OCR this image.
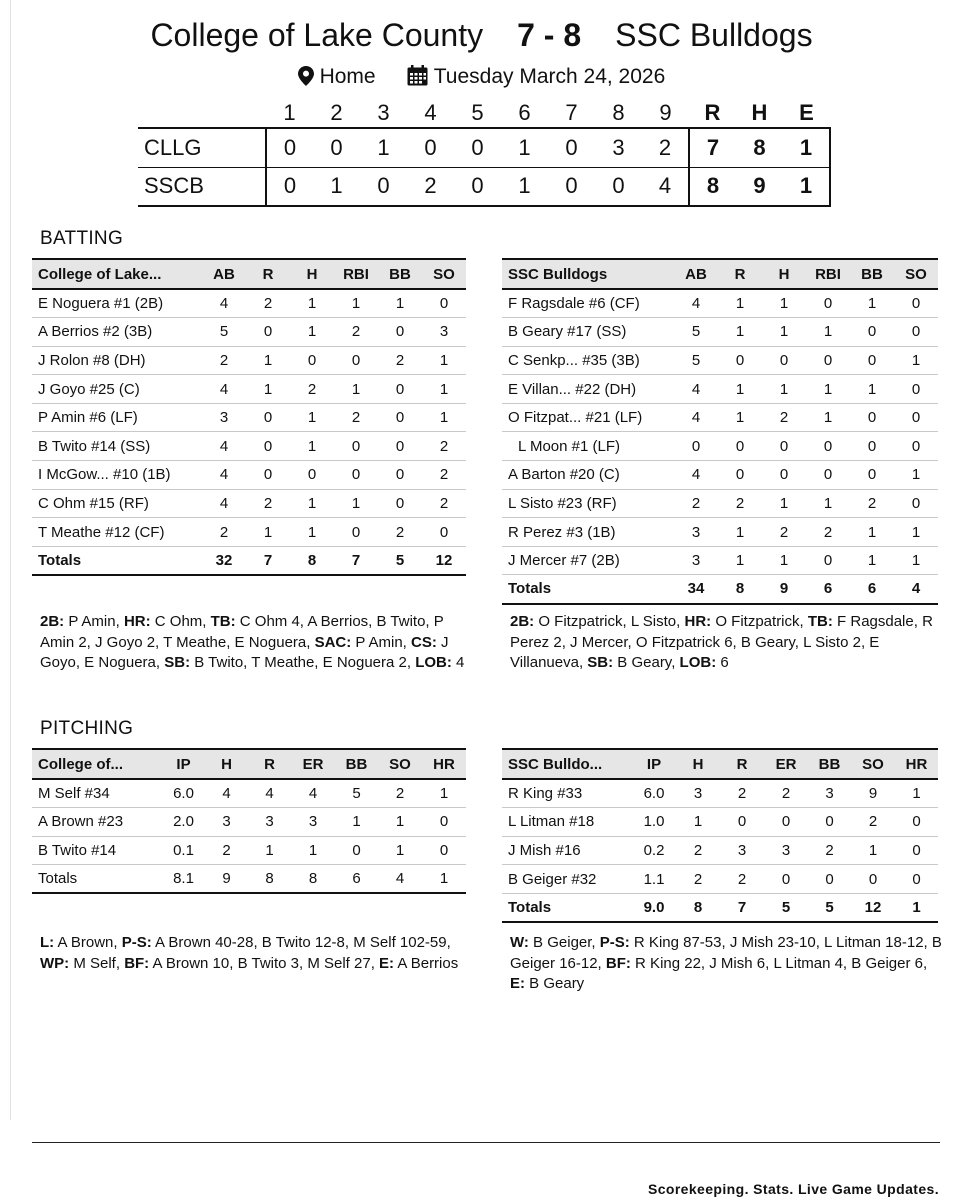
College of Lake County 7 - 8 SSC Bulldogs
Home	Tuesday March 24, 2026
	1	2	3	4	5	6	7	8	9	R	H	E
CLLG	0	0	1	0	0	1	0	3	2	7	8	1
SSCB	0	1	0	2	0	1	0	0	4	8	9	1
BATTING
College of Lake...	AB	R	H	RBI	BB	SO
E Noguera #1 (2B)	4	2	1	1	1	0
A Berrios #2 (3B)	5	0	1	2	0	3
J Rolon #8 (DH)	2	1	0	0	2	1
J Goyo #25 (C)	4	1	2	1	0	1
P Amin #6 (LF)	3	0	1	2	0	1
B Twito #14 (SS)	4	0	1	0	0	2
I McGow... #10 (1B)	4	0	0	0	0	2
C Ohm #15 (RF)	4	2	1	1	0	2
T Meathe #12 (CF)	2	1	1	0	2	0
Totals	32	7	8	7	5	12
SSC Bulldogs	AB	R	H	RBI	BB	SO
F Ragsdale #6 (CF)	4	1	1	0	1	0
B Geary #17 (SS)	5	1	1	1	0	0
C Senkp... #35 (3B)	5	0	0	0	0	1
E Villan... #22 (DH)	4	1	1	1	1	0
O Fitzpat... #21 (LF)	4	1	2	1	0	0
L Moon #1 (LF)	0	0	0	0	0	0
A Barton #20 (C)	4	0	0	0	0	1
L Sisto #23 (RF)	2	2	1	1	2	0
R Perez #3 (1B)	3	1	2	2	1	1
J Mercer #7 (2B)	3	1	1	0	1	1
Totals	34	8	9	6	6	4
2B: P Amin, HR: C Ohm, TB: C Ohm 4, A Berrios, B Twito, P Amin 2, J Goyo 2, T Meathe, E Noguera, SAC: P Amin, CS: J Goyo, E Noguera, SB: B Twito, T Meathe, E Noguera 2, LOB: 4
2B: O Fitzpatrick, L Sisto, HR: O Fitzpatrick, TB: F Ragsdale, R Perez 2, J Mercer, O Fitzpatrick 6, B Geary, L Sisto 2, E Villanueva, SB: B Geary, LOB: 6
PITCHING
College of...	IP	H	R	ER	BB	SO	HR
M Self #34	6.0	4	4	4	5	2	1
A Brown #23	2.0	3	3	3	1	1	0
B Twito #14	0.1	2	1	1	0	1	0
Totals	8.1	9	8	8	6	4	1
SSC Bulldo...	IP	H	R	ER	BB	SO	HR
R King #33	6.0	3	2	2	3	9	1
L Litman #18	1.0	1	0	0	0	2	0
J Mish #16	0.2	2	3	3	2	1	0
B Geiger #32	1.1	2	2	0	0	0	0
Totals	9.0	8	7	5	5	12	1
L: A Brown, P-S: A Brown 40-28, B Twito 12-8, M Self 102-59, WP: M Self, BF: A Brown 10, B Twito 3, M Self 27, E: A Berrios
W: B Geiger, P-S: R King 87-53, J Mish 23-10, L Litman 18-12, B Geiger 16-12, BF: R King 22, J Mish 6, L Litman 4, B Geiger 6, E: B Geary
Scorekeeping. Stats. Live Game Updates.
